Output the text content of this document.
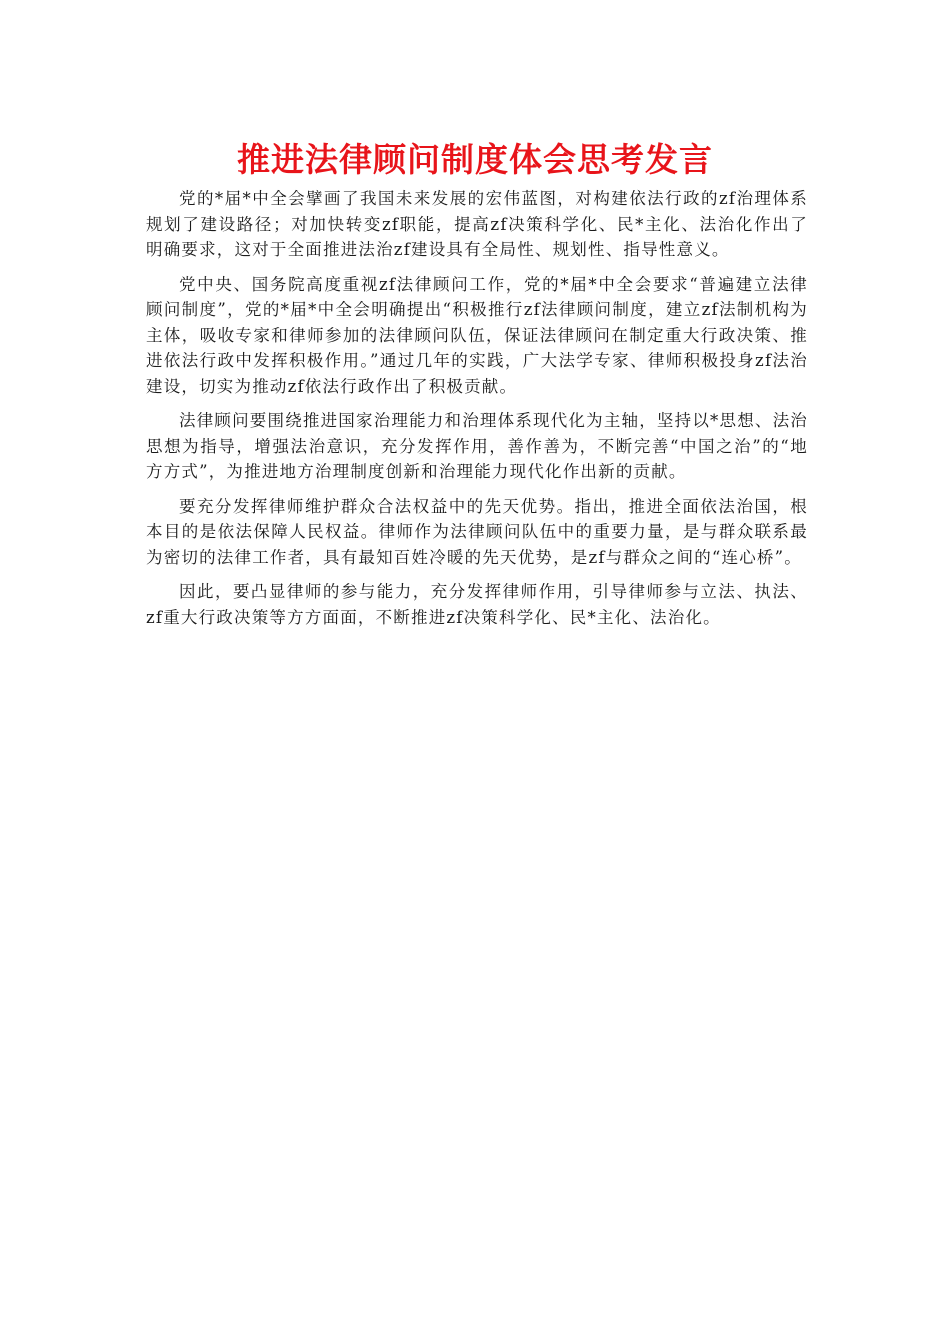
推进法律顾问制度体会思考发言

党的*届*中全会擘画了我国未来发展的宏伟蓝图，对构建依法行政的zf治理体系规划了建设路径；对加快转变zf职能，提高zf决策科学化、民*主化、法治化作出了明确要求，这对于全面推进法治zf建设具有全局性、规划性、指导性意义。

党中央、国务院高度重视zf法律顾问工作，党的*届*中全会要求“普遍建立法律顾问制度”，党的*届*中全会明确提出“积极推行zf法律顾问制度，建立zf法制机构为主体，吸收专家和律师参加的法律顾问队伍，保证法律顾问在制定重大行政决策、推进依法行政中发挥积极作用。”通过几年的实践，广大法学专家、律师积极投身zf法治建设，切实为推动zf依法行政作出了积极贡献。

法律顾问要围绕推进国家治理能力和治理体系现代化为主轴，坚持以*思想、法治思想为指导，增强法治意识，充分发挥作用，善作善为，不断完善“中国之治”的“地方方式”，为推进地方治理制度创新和治理能力现代化作出新的贡献。

要充分发挥律师维护群众合法权益中的先天优势。指出，推进全面依法治国，根本目的是依法保障人民权益。律师作为法律顾问队伍中的重要力量，是与群众联系最为密切的法律工作者，具有最知百姓冷暖的先天优势，是zf与群众之间的“连心桥”。

因此，要凸显律师的参与能力，充分发挥律师作用，引导律师参与立法、执法、zf重大行政决策等方方面面，不断推进zf决策科学化、民*主化、法治化。
